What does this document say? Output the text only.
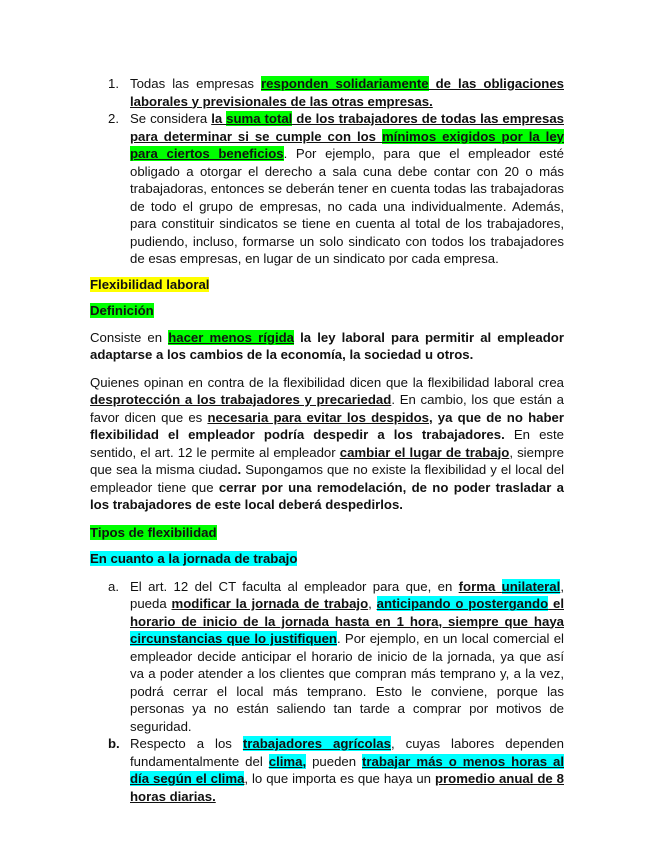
1. Todas las empresas responden solidariamente de las obligaciones laborales y previsionales de las otras empresas.
2. Se considera la suma total de los trabajadores de todas las empresas para determinar si se cumple con los mínimos exigidos por la ley para ciertos beneficios. Por ejemplo, para que el empleador esté obligado a otorgar el derecho a sala cuna debe contar con 20 o más trabajadoras, entonces se deberán tener en cuenta todas las trabajadoras de todo el grupo de empresas, no cada una individualmente. Además, para constituir sindicatos se tiene en cuenta al total de los trabajadores, pudiendo, incluso, formarse un solo sindicato con todos los trabajadores de esas empresas, en lugar de un sindicato por cada empresa.

Flexibilidad laboral

Definición

Consiste en hacer menos rígida la ley laboral para permitir al empleador adaptarse a los cambios de la economía, la sociedad u otros.

Quienes opinan en contra de la flexibilidad dicen que la flexibilidad laboral crea desprotección a los trabajadores y precariedad. En cambio, los que están a favor dicen que es necesaria para evitar los despidos, ya que de no haber flexibilidad el empleador podría despedir a los trabajadores. En este sentido, el art. 12 le permite al empleador cambiar el lugar de trabajo, siempre que sea la misma ciudad. Supongamos que no existe la flexibilidad y el local del empleador tiene que cerrar por una remodelación, de no poder trasladar a los trabajadores de este local deberá despedirlos.

Tipos de flexibilidad

En cuanto a la jornada de trabajo

a. El art. 12 del CT faculta al empleador para que, en forma unilateral, pueda modificar la jornada de trabajo, anticipando o postergando el horario de inicio de la jornada hasta en 1 hora, siempre que haya circunstancias que lo justifiquen. Por ejemplo, en un local comercial el empleador decide anticipar el horario de inicio de la jornada, ya que así va a poder atender a los clientes que compran más temprano y, a la vez, podrá cerrar el local más temprano. Esto le conviene, porque las personas ya no están saliendo tan tarde a comprar por motivos de seguridad.
b. Respecto a los trabajadores agrícolas, cuyas labores dependen fundamentalmente del clima, pueden trabajar más o menos horas al día según el clima, lo que importa es que haya un promedio anual de 8 horas diarias.
